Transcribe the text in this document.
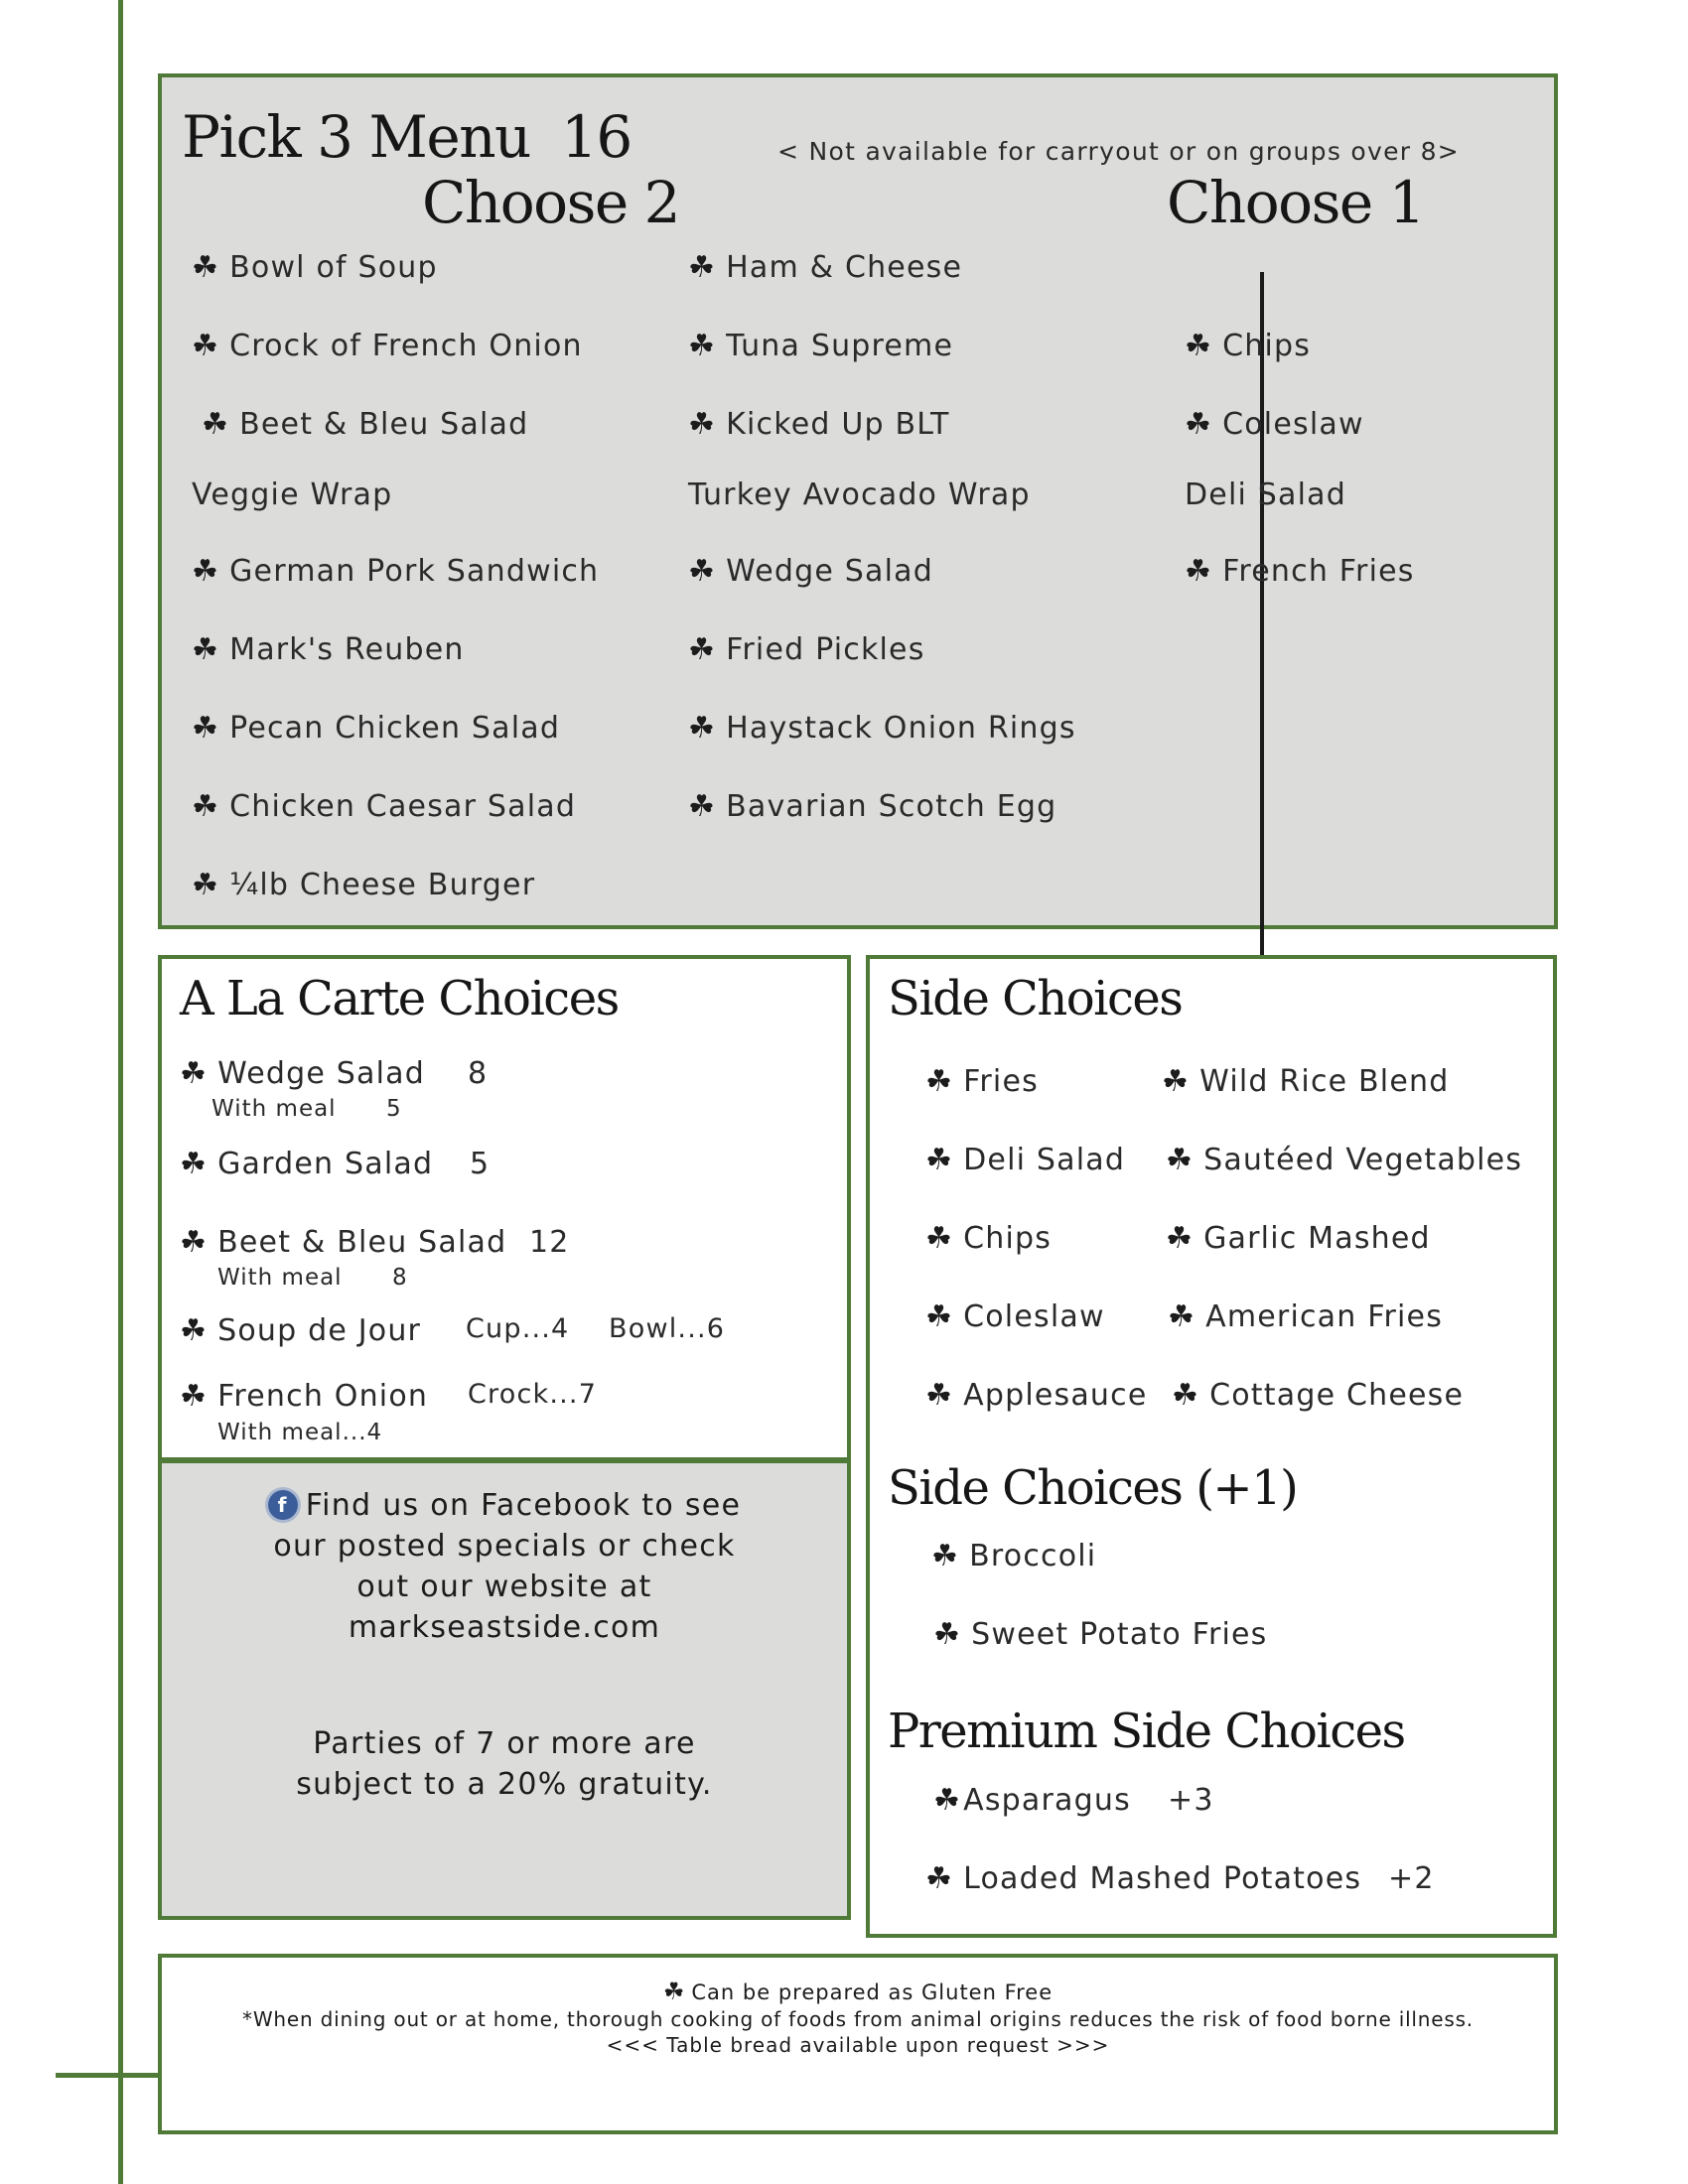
Pick 3 Menu 16	< Not available for carryout or on groups over 8>
Choose 2	Choose 1
☘ Bowl of Soup
☘ Crock of French Onion
☘ Beet & Bleu Salad
Veggie Wrap
☘ German Pork Sandwich
☘ Mark's Reuben
☘ Pecan Chicken Salad
☘ Chicken Caesar Salad
☘ ¼lb Cheese Burger
☘ Ham & Cheese
☘ Tuna Supreme
☘ Kicked Up BLT
Turkey Avocado Wrap
☘ Wedge Salad
☘ Fried Pickles
☘ Haystack Onion Rings
☘ Bavarian Scotch Egg
☘ Chips
☘ Coleslaw
Deli Salad
☘ French Fries
A La Carte Choices
☘ Wedge Salad 8
With meal 5
☘ Garden Salad 5
☘ Beet & Bleu Salad 12
With meal 8
☘ Soup de Jour Cup...4 Bowl...6
☘ French Onion Crock...7
With meal...4
f Find us on Facebook to see
our posted specials or check
out our website at
markseastside.com
Parties of 7 or more are
subject to a 20% gratuity.
Side Choices
☘ Fries
☘ Deli Salad
☘ Chips
☘ Coleslaw
☘ Applesauce
☘ Wild Rice Blend
☘ Sautéed Vegetables
☘ Garlic Mashed
☘ American Fries
☘ Cottage Cheese
Side Choices (+1)
☘ Broccoli
☘ Sweet Potato Fries
Premium Side Choices
☘Asparagus +3
☘ Loaded Mashed Potatoes +2
☘ Can be prepared as Gluten Free
*When dining out or at home, thorough cooking of foods from animal origins reduces the risk of food borne illness.
<<< Table bread available upon request >>>
